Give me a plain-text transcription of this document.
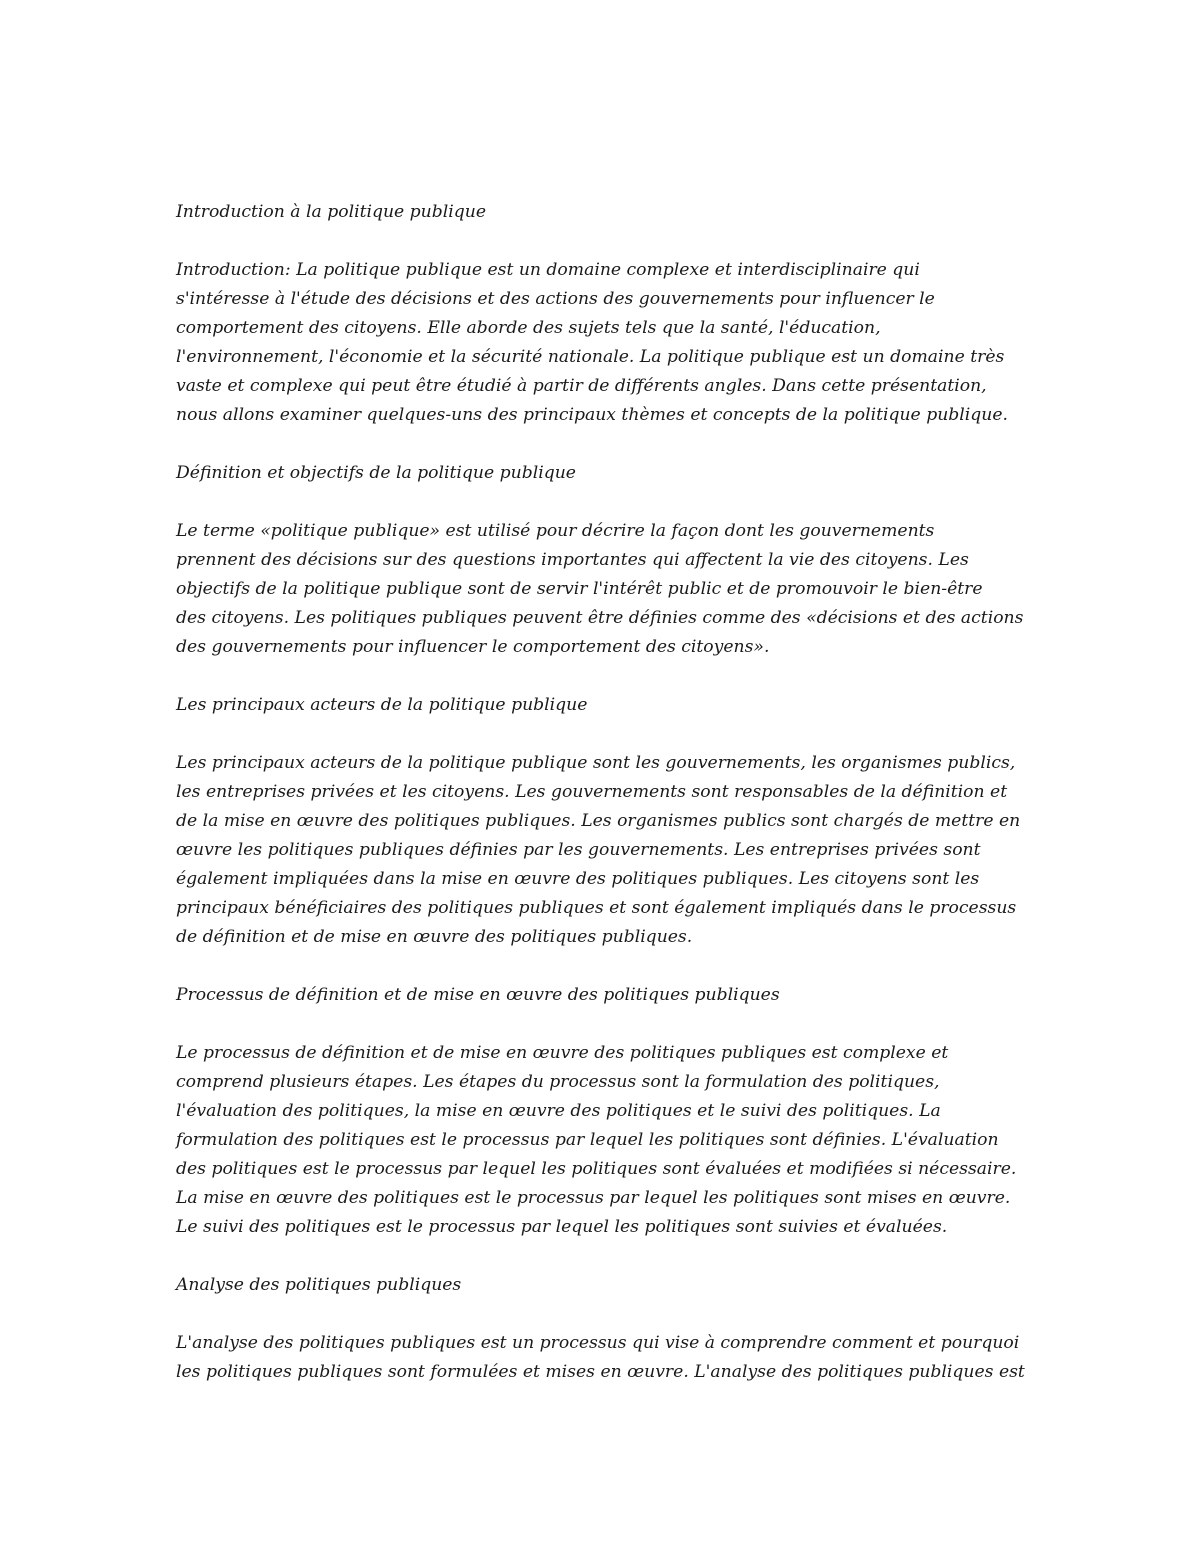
Introduction à la politique publique

Introduction: La politique publique est un domaine complexe et interdisciplinaire qui

s'intéresse à l'étude des décisions et des actions des gouvernements pour influencer le

comportement des citoyens. Elle aborde des sujets tels que la santé, l'éducation,

l'environnement, l'économie et la sécurité nationale. La politique publique est un domaine très

vaste et complexe qui peut être étudié à partir de différents angles. Dans cette présentation,

nous allons examiner quelques-uns des principaux thèmes et concepts de la politique publique.

Définition et objectifs de la politique publique

Le terme «politique publique» est utilisé pour décrire la façon dont les gouvernements

prennent des décisions sur des questions importantes qui affectent la vie des citoyens. Les

objectifs de la politique publique sont de servir l'intérêt public et de promouvoir le bien-être

des citoyens. Les politiques publiques peuvent être définies comme des «décisions et des actions

des gouvernements pour influencer le comportement des citoyens».

Les principaux acteurs de la politique publique

Les principaux acteurs de la politique publique sont les gouvernements, les organismes publics,

les entreprises privées et les citoyens. Les gouvernements sont responsables de la définition et

de la mise en œuvre des politiques publiques. Les organismes publics sont chargés de mettre en

œuvre les politiques publiques définies par les gouvernements. Les entreprises privées sont

également impliquées dans la mise en œuvre des politiques publiques. Les citoyens sont les

principaux bénéficiaires des politiques publiques et sont également impliqués dans le processus

de définition et de mise en œuvre des politiques publiques.

Processus de définition et de mise en œuvre des politiques publiques

Le processus de définition et de mise en œuvre des politiques publiques est complexe et

comprend plusieurs étapes. Les étapes du processus sont la formulation des politiques,

l'évaluation des politiques, la mise en œuvre des politiques et le suivi des politiques. La

formulation des politiques est le processus par lequel les politiques sont définies. L'évaluation

des politiques est le processus par lequel les politiques sont évaluées et modifiées si nécessaire.

La mise en œuvre des politiques est le processus par lequel les politiques sont mises en œuvre.

Le suivi des politiques est le processus par lequel les politiques sont suivies et évaluées.

Analyse des politiques publiques

L'analyse des politiques publiques est un processus qui vise à comprendre comment et pourquoi

les politiques publiques sont formulées et mises en œuvre. L'analyse des politiques publiques est
